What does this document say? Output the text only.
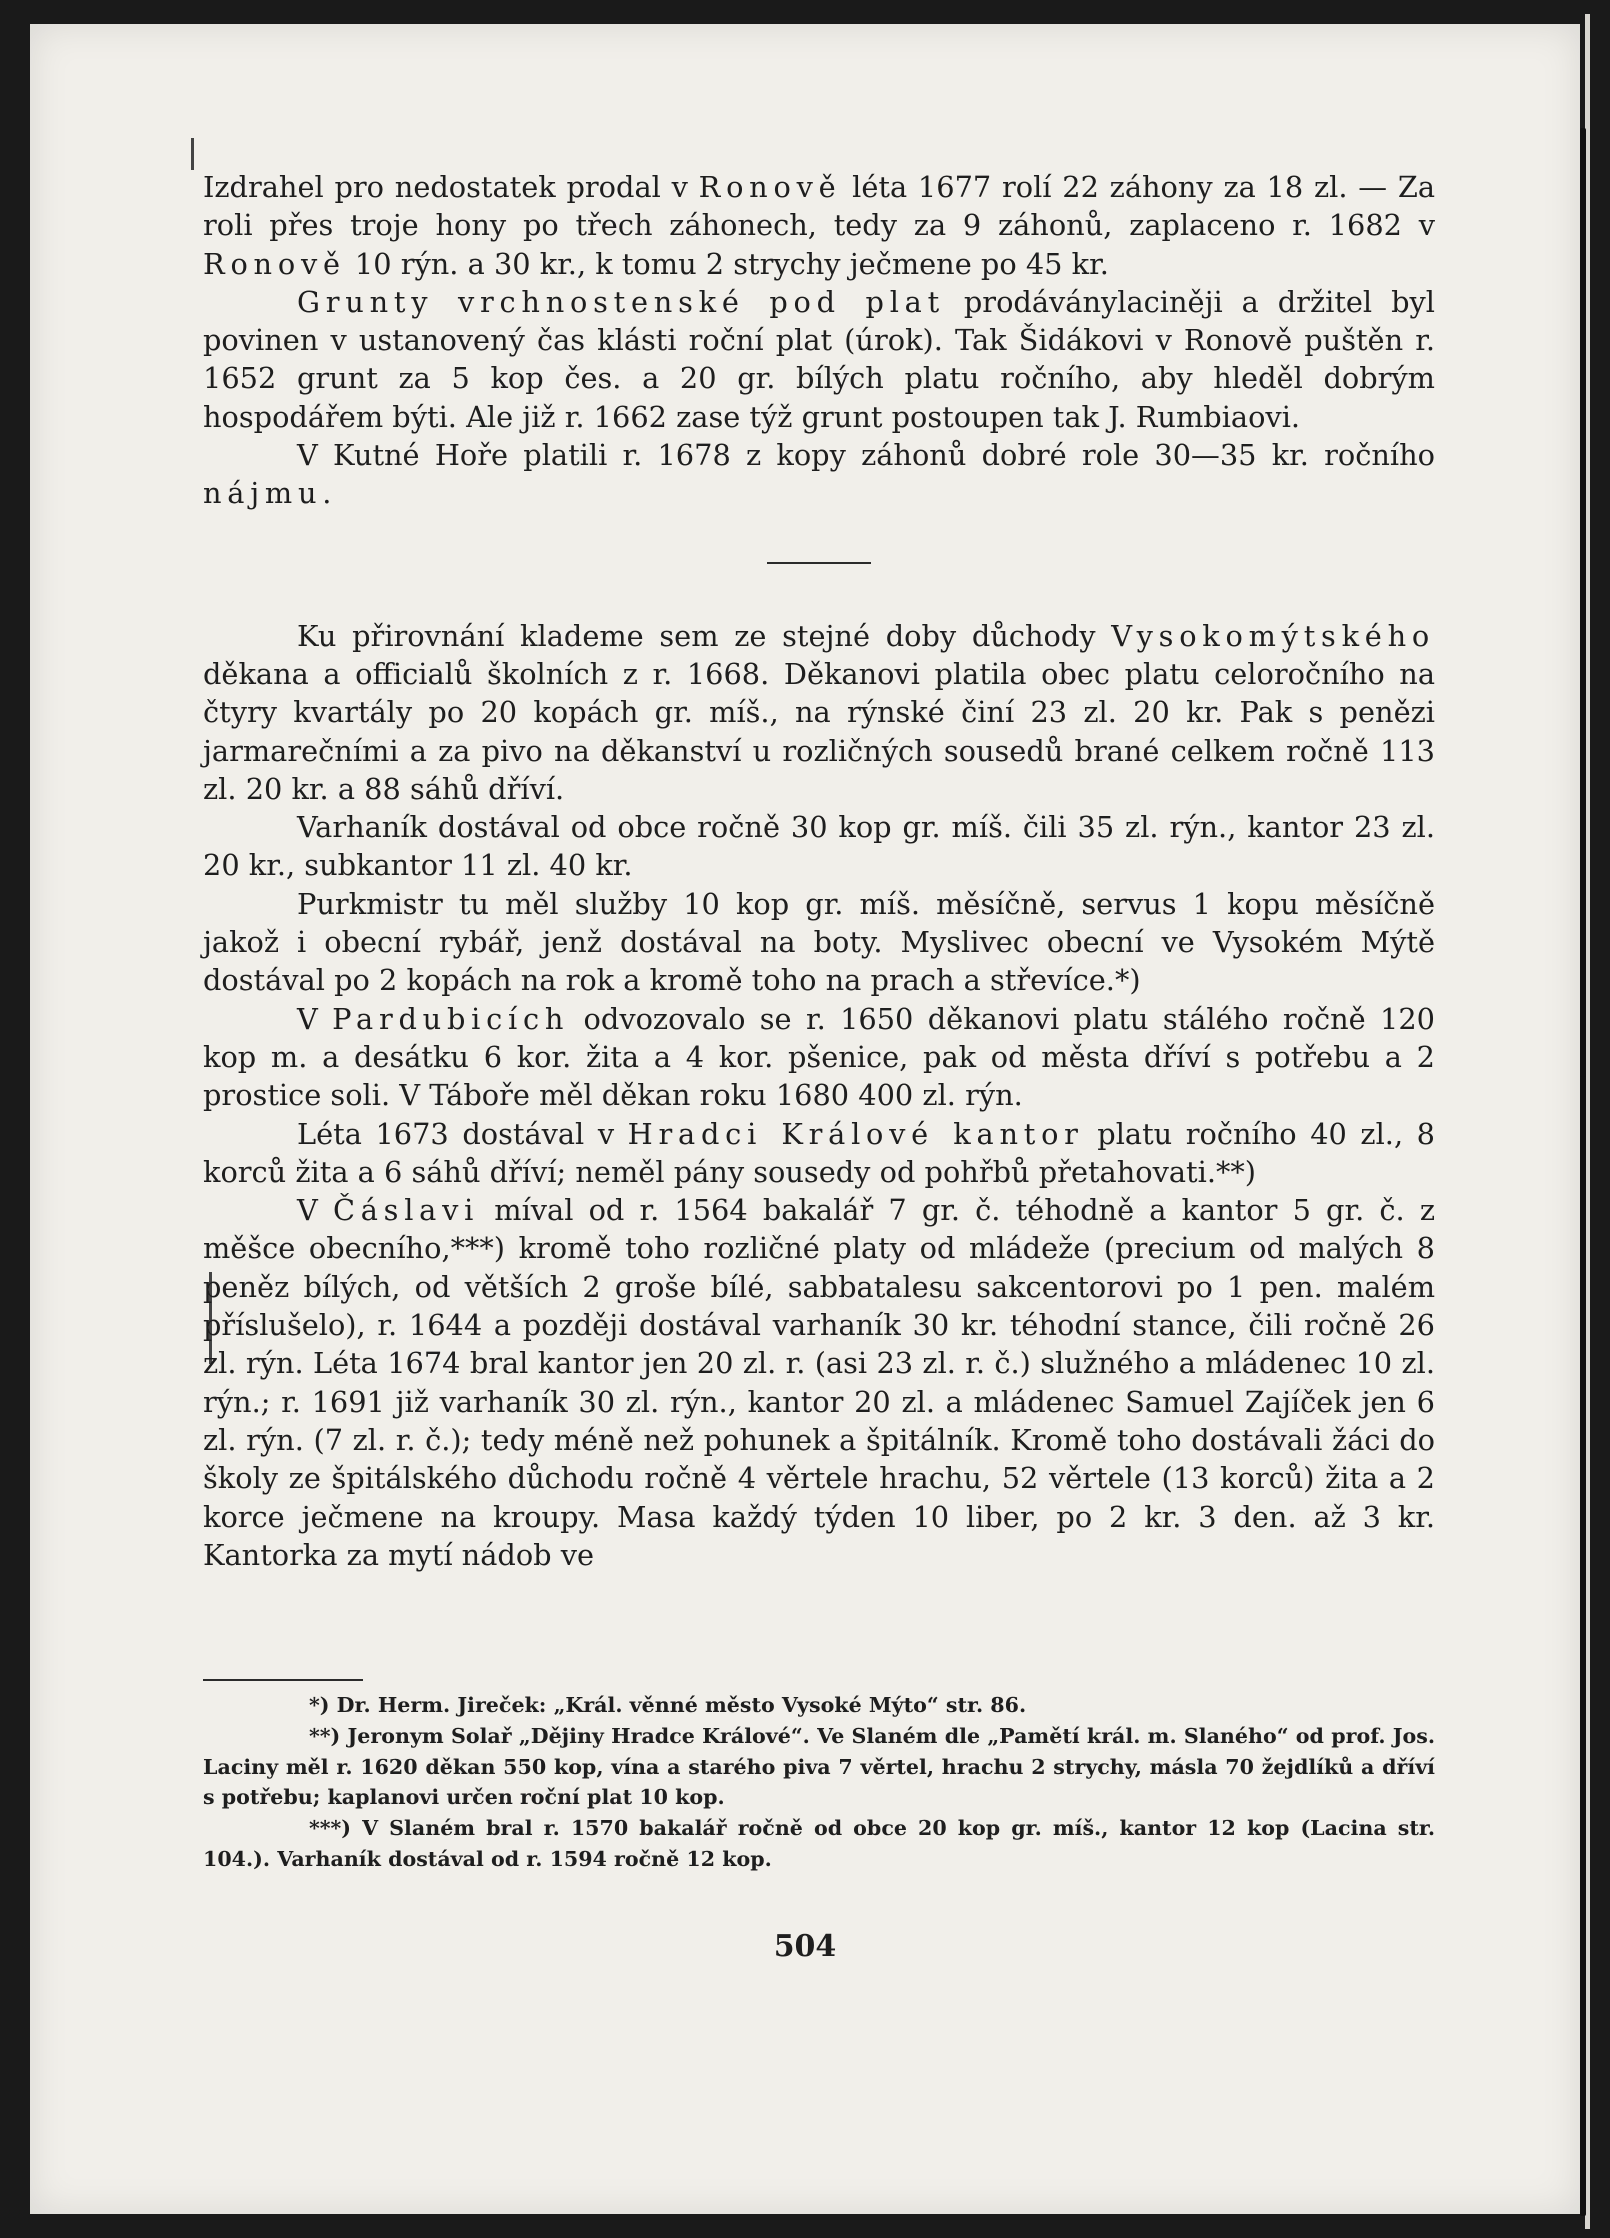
Izdrahel pro nedostatek prodal v Ronově léta 1677 rolí 22 záhony za 18 zl. — Za roli přes troje hony po třech záhonech, tedy za 9 záhonů, zaplaceno r. 1682 v Ronově 10 rýn. a 30 kr., k tomu 2 strychy ječmene po 45 kr.

Grunty vrchnostenské pod plat prodáványlaciněji a držitel byl povinen v ustanovený čas klásti roční plat (úrok). Tak Šidákovi v Ronově puštěn r. 1652 grunt za 5 kop čes. a 20 gr. bílých platu ročního, aby hleděl dobrým hospodářem býti. Ale již r. 1662 zase týž grunt postoupen tak J. Rumbiaovi.

V Kutné Hoře platili r. 1678 z kopy záhonů dobré role 30—35 kr. ročního nájmu.

Ku přirovnání klademe sem ze stejné doby důchody Vysokomýtského děkana a officialů školních z r. 1668. Děkanovi platila obec platu celoročního na čtyry kvartály po 20 kopách gr. míš., na rýnské činí 23 zl. 20 kr. Pak s penězi jarmarečními a za pivo na děkanství u rozličných sousedů brané celkem ročně 113 zl. 20 kr. a 88 sáhů dříví.

Varhaník dostával od obce ročně 30 kop gr. míš. čili 35 zl. rýn., kantor 23 zl. 20 kr., subkantor 11 zl. 40 kr.

Purkmistr tu měl služby 10 kop gr. míš. měsíčně, servus 1 kopu měsíčně jakož i obecní rybář, jenž dostával na boty. Myslivec obecní ve Vysokém Mýtě dostával po 2 kopách na rok a kromě toho na prach a střevíce.*)

V Pardubicích odvozovalo se r. 1650 děkanovi platu stálého ročně 120 kop m. a desátku 6 kor. žita a 4 kor. pšenice, pak od města dříví s potřebu a 2 prostice soli. V Táboře měl děkan roku 1680 400 zl. rýn.

Léta 1673 dostával v Hradci Králové kantor platu ročního 40 zl., 8 korců žita a 6 sáhů dříví; neměl pány sousedy od pohřbů přetahovati.**)

V Čáslavi míval od r. 1564 bakalář 7 gr. č. téhodně a kantor 5 gr. č. z měšce obecního,***) kromě toho rozličné platy od mládeže (precium od malých 8 peněz bílých, od větších 2 groše bílé, sabbatalesu sakcentorovi po 1 pen. malém příslušelo), r. 1644 a později dostával varhaník 30 kr. téhodní stance, čili ročně 26 zl. rýn. Léta 1674 bral kantor jen 20 zl. r. (asi 23 zl. r. č.) služného a mládenec 10 zl. rýn.; r. 1691 již varhaník 30 zl. rýn., kantor 20 zl. a mládenec Samuel Zajíček jen 6 zl. rýn. (7 zl. r. č.); tedy méně než pohunek a špitálník. Kromě toho dostávali žáci do školy ze špitálského důchodu ročně 4 věrtele hrachu, 52 věrtele (13 korců) žita a 2 korce ječmene na kroupy. Masa každý týden 10 liber, po 2 kr. 3 den. až 3 kr. Kantorka za mytí nádob ve

*) Dr. Herm. Jireček: „Král. věnné město Vysoké Mýto“ str. 86.

**) Jeronym Solař „Dějiny Hradce Králové“. Ve Slaném dle „Pamětí král. m. Slaného“ od prof. Jos. Laciny měl r. 1620 děkan 550 kop, vína a starého piva 7 věrtel, hrachu 2 strychy, másla 70 žejdlíků a dříví s potřebu; kaplanovi určen roční plat 10 kop.

***) V Slaném bral r. 1570 bakalář ročně od obce 20 kop gr. míš., kantor 12 kop (Lacina str. 104.). Varhaník dostával od r. 1594 ročně 12 kop.

504
